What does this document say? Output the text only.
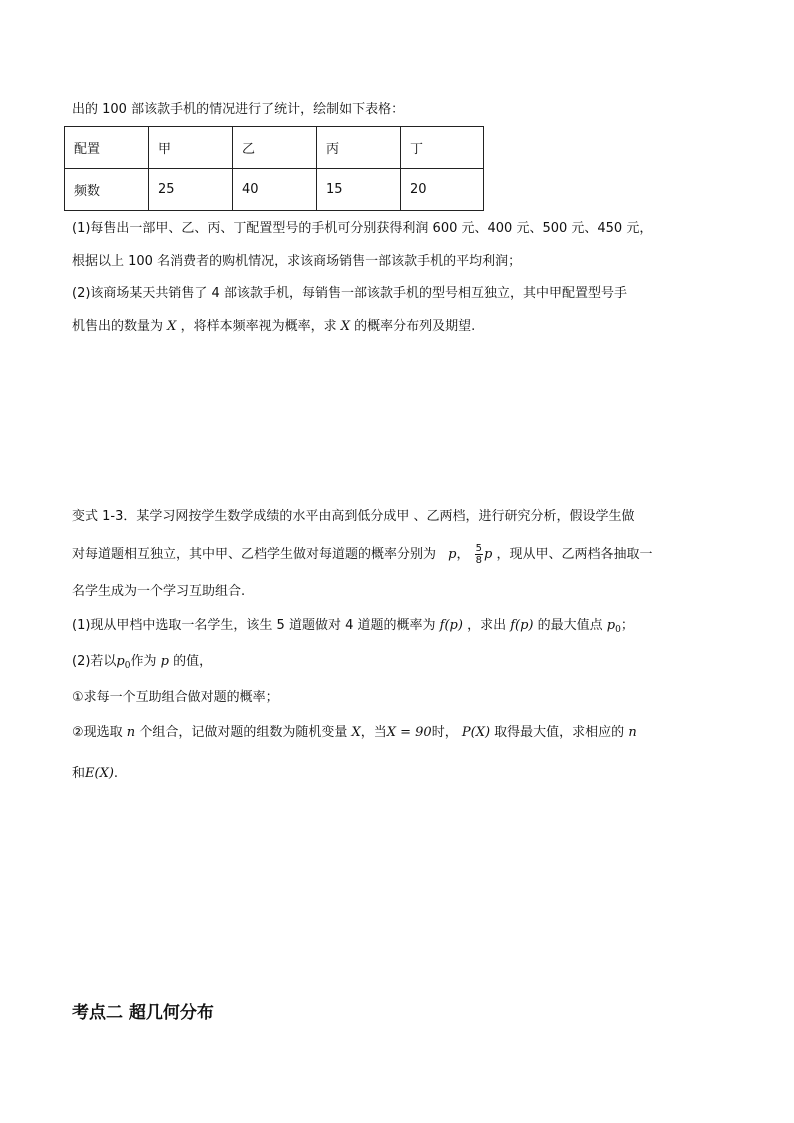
出的 100 部该款手机的情况进行了统计，绘制如下表格：
配置	甲	乙	丙	丁
频数	25	40	15	20
(1)每售出一部甲、乙、丙、丁配置型号的手机可分别获得利润 600 元、400 元、500 元、450 元，
根据以上 100 名消费者的购机情况，求该商场销售一部该款手机的平均利润；
(2)该商场某天共销售了 4 部该款手机，每销售一部该款手机的型号相互独立，其中甲配置型号手
机售出的数量为 X ，将样本频率视为概率，求 X 的概率分布列及期望.
变式 1-3．某学习网按学生数学成绩的水平由高到低分成甲 、乙两档，进行研究分析，假设学生做
对每道题相互独立，其中甲、乙档学生做对每道题的概率分别为 p， $\frac{5}{8}$ p ，现从甲、乙两档各抽取一
名学生成为一个学习互助组合.
(1)现从甲档中选取一名学生，该生 5 道题做对 4 道题的概率为 f(p) ，求出 f(p) 的最大值点 $p_0$；
(2)若以$p_0$作为 p 的值，
①求每一个互助组合做对题的概率；
②现选取 n 个组合，记做对题的组数为随机变量 X，当X = 90时， P(X) 取得最大值，求相应的 n
和E(X).
考点二 超几何分布
